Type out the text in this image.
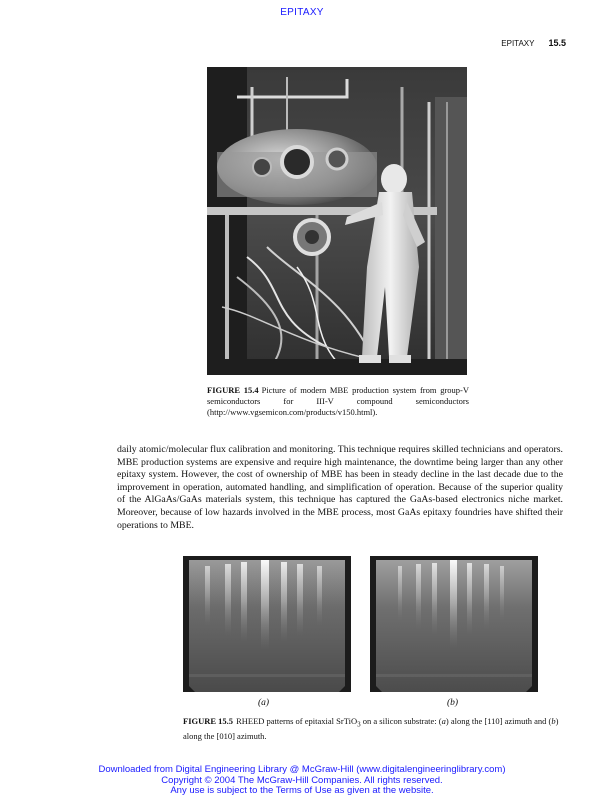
EPITAXY
EPITAXY 15.5
FIGURE 15.4 Picture of modern MBE production system from group-V semiconductors for III-V compound semiconductors (http://www.vgsemicon.com/products/v150.html).
daily atomic/molecular flux calibration and monitoring. This technique requires skilled technicians and operators. MBE production systems are expensive and require high maintenance, the downtime being larger than any other epitaxy system. However, the cost of ownership of MBE has been in steady decline in the last decade due to the improvement in operation, automated handling, and simplification of operation. Because of the superior quality of the AlGaAs/GaAs materials system, this technique has captured the GaAs-based electronics niche market. Moreover, because of low hazards involved in the MBE process, most GaAs epitaxy foundries have shifted their operations to MBE.
(a)	(b)
FIGURE 15.5 RHEED patterns of epitaxial SrTiO$_3$ on a silicon substrate: (a) along the [110] azimuth and (b) along the [010] azimuth.
Downloaded from Digital Engineering Library @ McGraw-Hill (www.digitalengineeringlibrary.com)
Copyright © 2004 The McGraw-Hill Companies. All rights reserved.
Any use is subject to the Terms of Use as given at the website.
